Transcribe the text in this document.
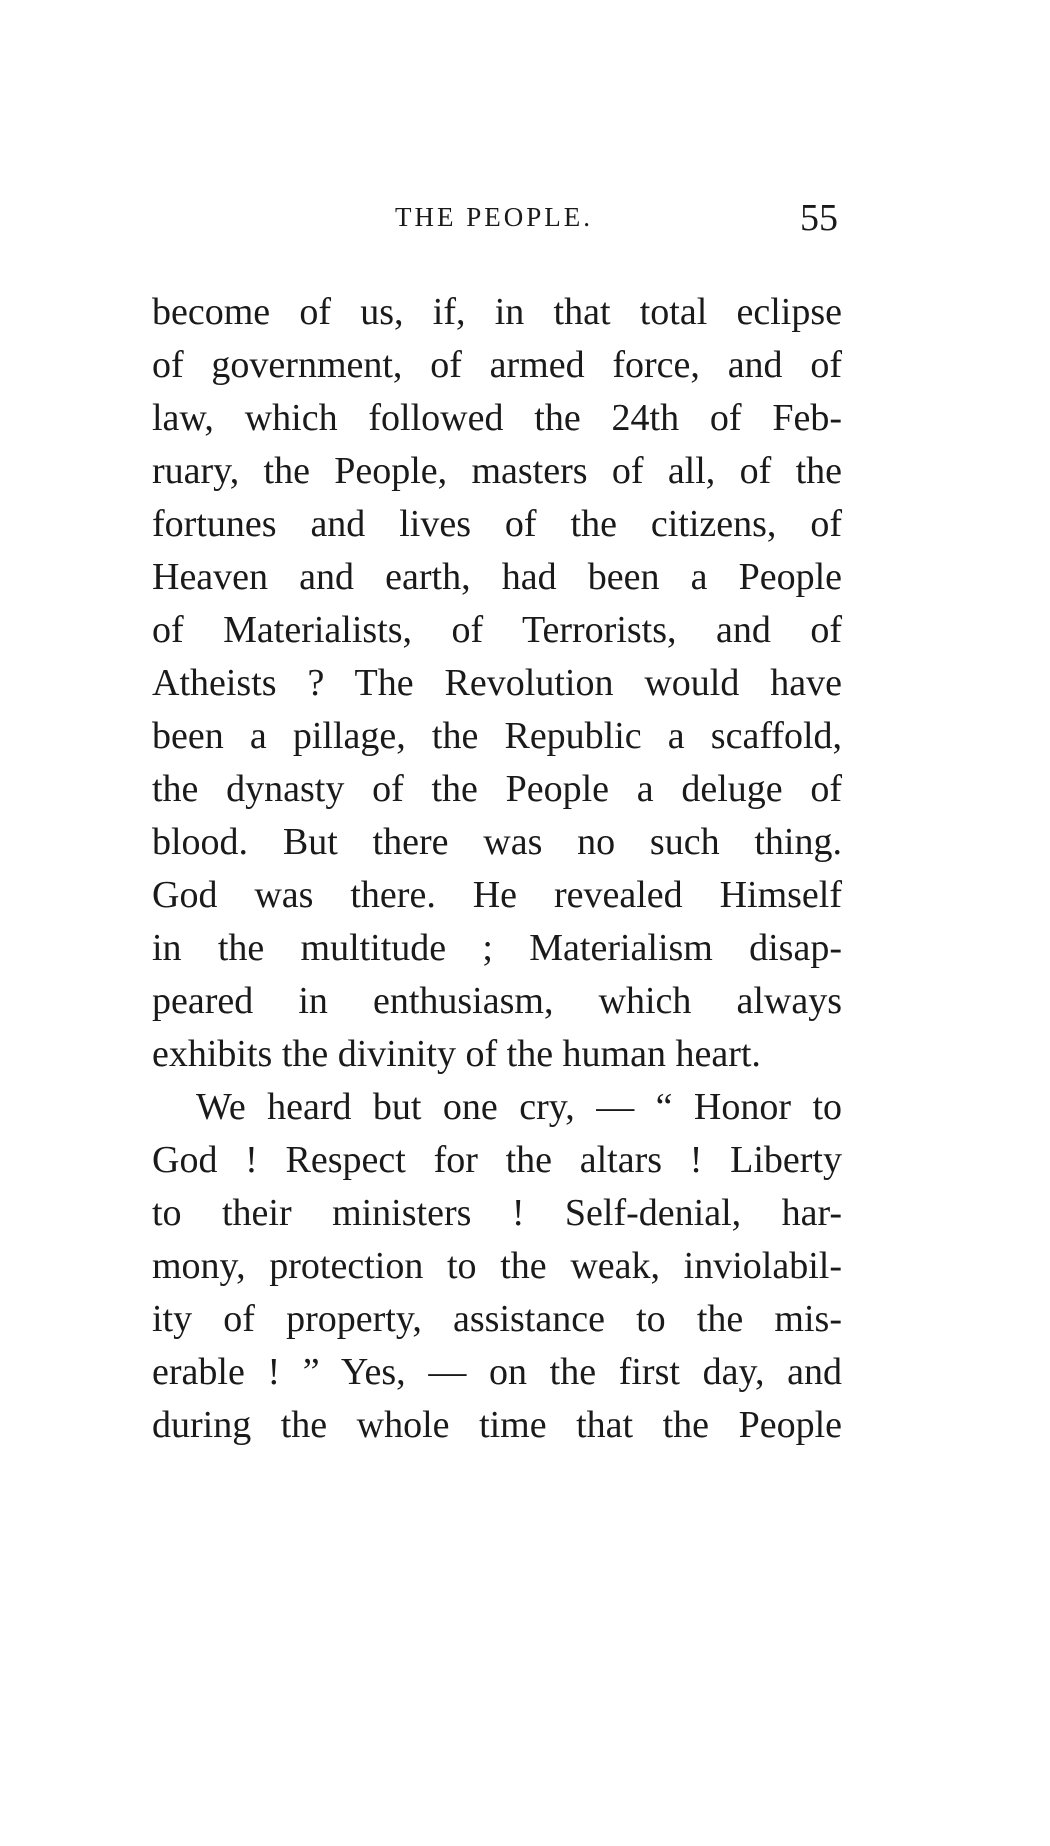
THE PEOPLE.	55
become of us, if, in that total eclipse
of government, of armed force, and of
law, which followed the 24th of Feb-
ruary, the People, masters of all, of the
fortunes and lives of the citizens, of
Heaven and earth, had been a People
of Materialists, of Terrorists, and of
Atheists ? The Revolution would have
been a pillage, the Republic a scaffold,
the dynasty of the People a deluge of
blood. But there was no such thing.
God was there. He revealed Himself
in the multitude ; Materialism disap-
peared in enthusiasm, which always
exhibits the divinity of the human heart.
We heard but one cry, — “ Honor to
God ! Respect for the altars ! Liberty
to their ministers ! Self-denial, har-
mony, protection to the weak, inviolabil-
ity of property, assistance to the mis-
erable ! ” Yes, — on the first day, and
during the whole time that the People
